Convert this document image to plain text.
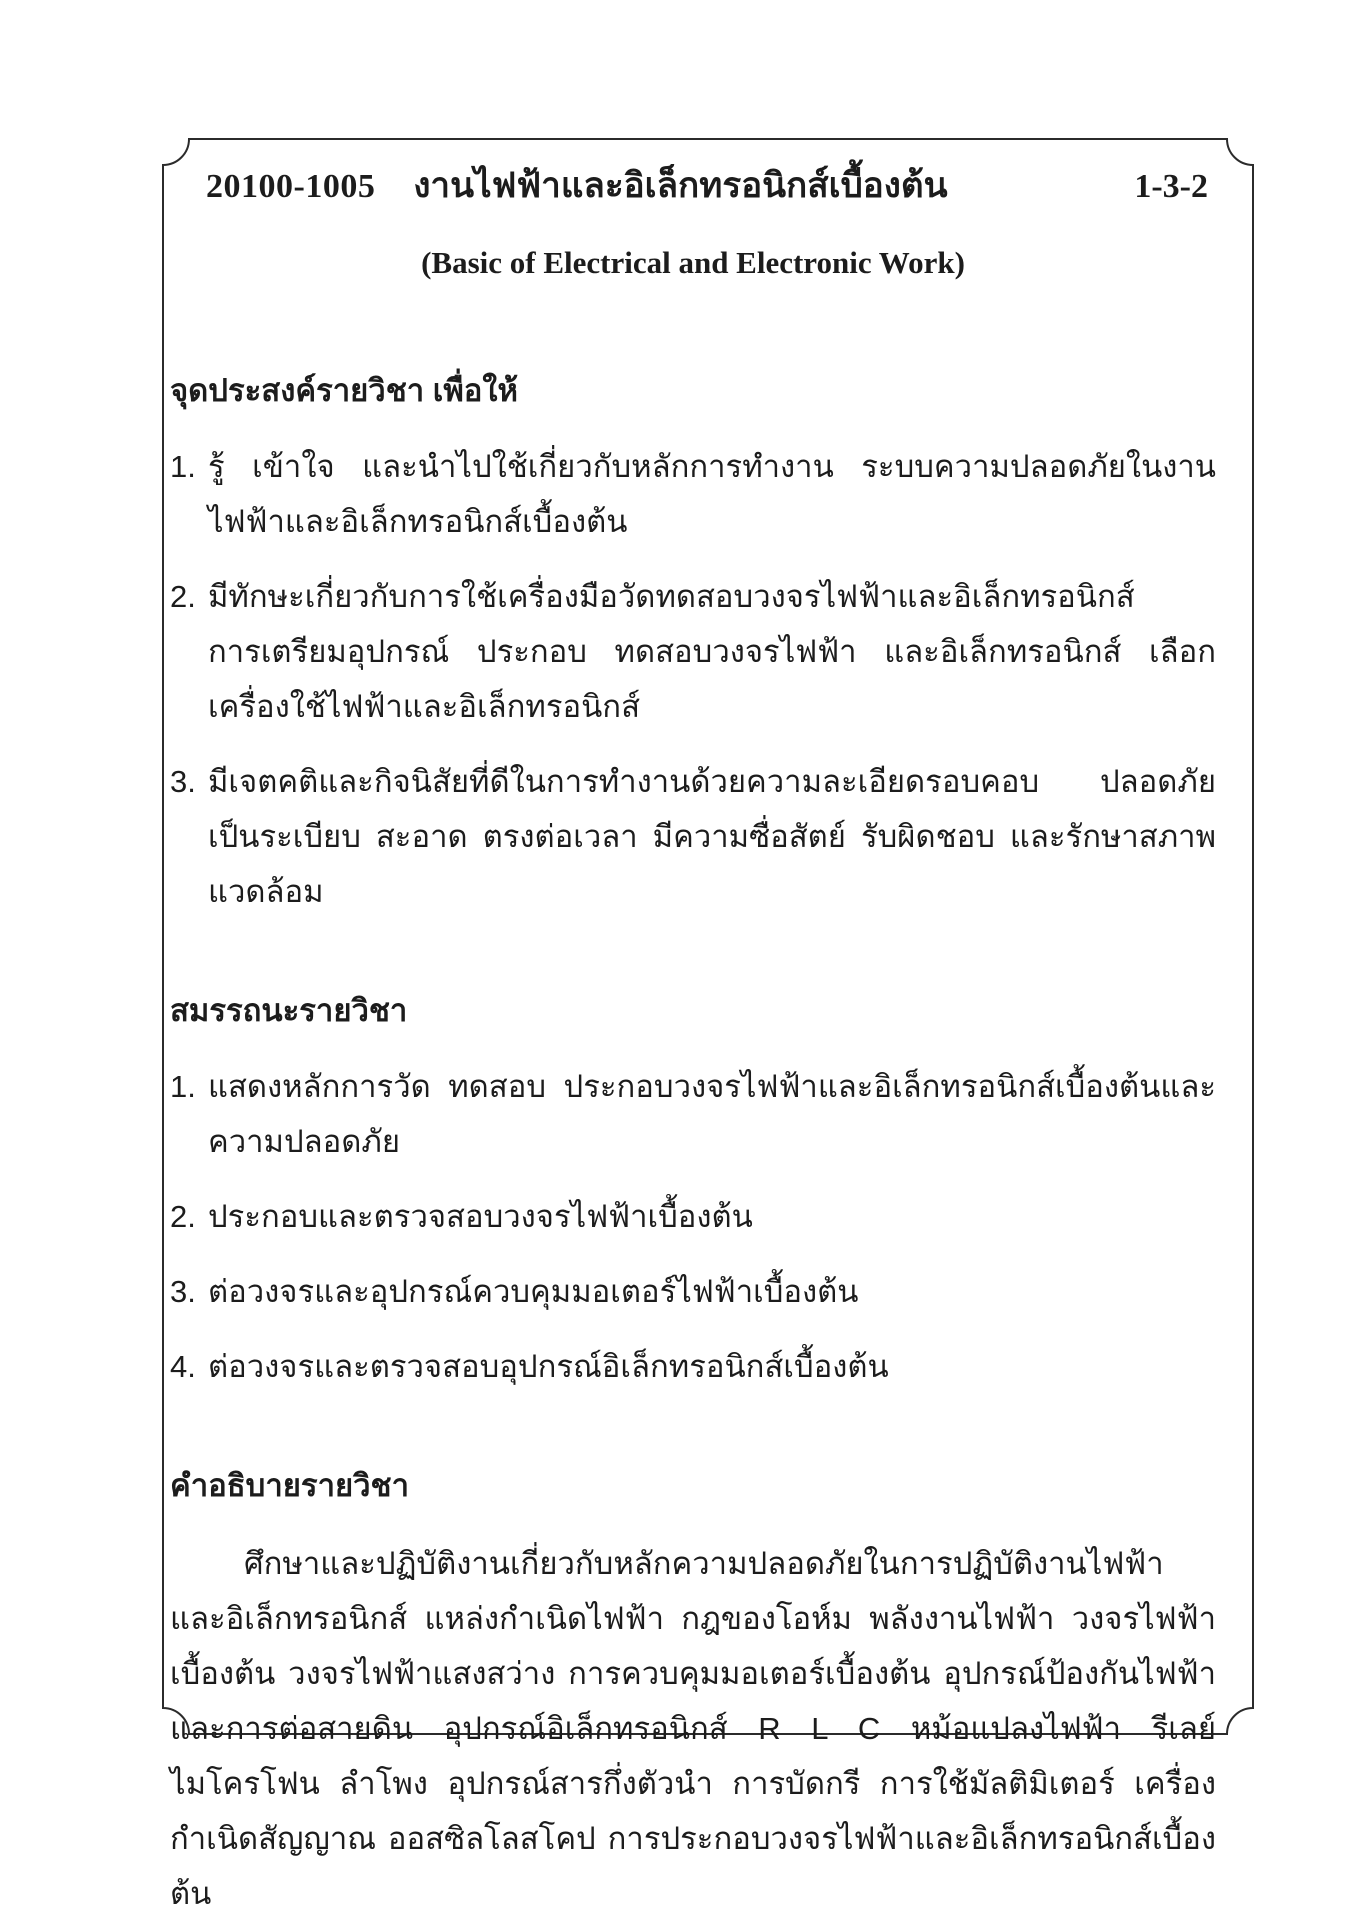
20100-1005 งานไฟฟ้าและอิเล็กทรอนิกส์เบื้องต้น	1-3-2
(Basic of Electrical and Electronic Work)
จุดประสงค์รายวิชา เพื่อให้
1. รู้ เข้าใจ และนำไปใช้เกี่ยวกับหลักการทำงาน ระบบความปลอดภัยในงานไฟฟ้าและอิเล็กทรอนิกส์เบื้องต้น
2. มีทักษะเกี่ยวกับการใช้เครื่องมือวัดทดสอบวงจรไฟฟ้าและอิเล็กทรอนิกส์ การเตรียมอุปกรณ์ ประกอบ ทดสอบวงจรไฟฟ้า และอิเล็กทรอนิกส์ เลือกเครื่องใช้ไฟฟ้าและอิเล็กทรอนิกส์
3. มีเจตคติและกิจนิสัยที่ดีในการทำงานด้วยความละเอียดรอบคอบ ปลอดภัย เป็นระเบียบ สะอาด ตรงต่อเวลา มีความซื่อสัตย์ รับผิดชอบ และรักษาสภาพแวดล้อม
สมรรถนะรายวิชา
1. แสดงหลักการวัด ทดสอบ ประกอบวงจรไฟฟ้าและอิเล็กทรอนิกส์เบื้องต้นและความปลอดภัย
2. ประกอบและตรวจสอบวงจรไฟฟ้าเบื้องต้น
3. ต่อวงจรและอุปกรณ์ควบคุมมอเตอร์ไฟฟ้าเบื้องต้น
4. ต่อวงจรและตรวจสอบอุปกรณ์อิเล็กทรอนิกส์เบื้องต้น
คำอธิบายรายวิชา
ศึกษาและปฏิบัติงานเกี่ยวกับหลักความปลอดภัยในการปฏิบัติงานไฟฟ้าและอิเล็กทรอนิกส์ แหล่งกำเนิดไฟฟ้า กฎของโอห์ม พลังงานไฟฟ้า วงจรไฟฟ้าเบื้องต้น วงจรไฟฟ้าแสงสว่าง การควบคุมมอเตอร์เบื้องต้น อุปกรณ์ป้องกันไฟฟ้าและการต่อสายดิน อุปกรณ์อิเล็กทรอนิกส์ R L C หม้อแปลงไฟฟ้า รีเลย์ ไมโครโฟน ลำโพง อุปกรณ์สารกึ่งตัวนำ การบัดกรี การใช้มัลติมิเตอร์ เครื่องกำเนิดสัญญาณ ออสซิลโลสโคป การประกอบวงจรไฟฟ้าและอิเล็กทรอนิกส์เบื้องต้น
